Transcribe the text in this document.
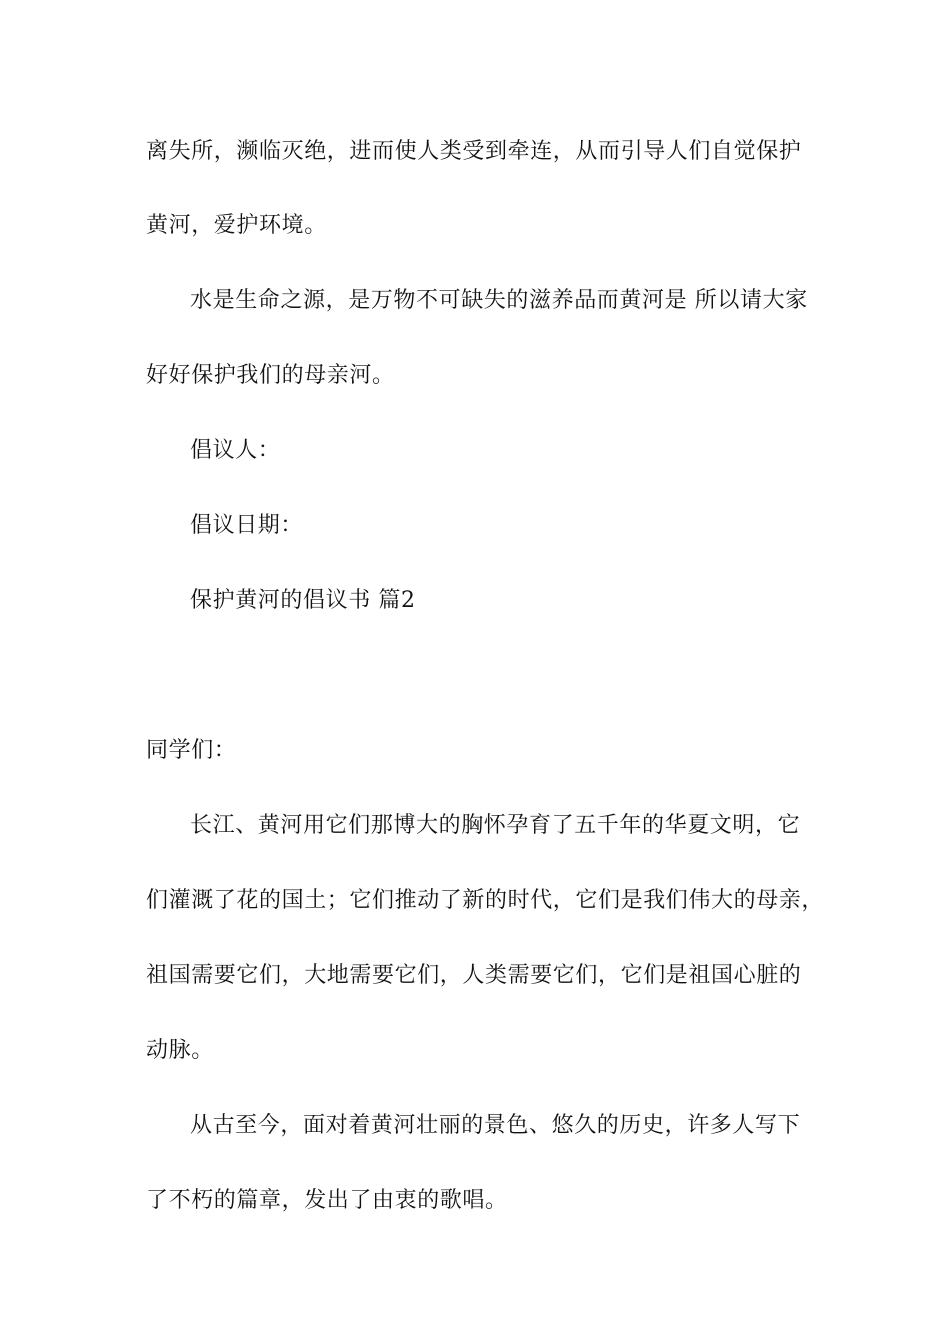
离失所，濒临灭绝，进而使人类受到牵连，从而引导人们自觉保护
黄河，爱护环境。
水是生命之源，是万物不可缺失的滋养品而黄河是 所以请大家
好好保护我们的母亲河。
倡议人：
倡议日期：
保护黄河的倡议书 篇2
同学们：
长江、黄河用它们那博大的胸怀孕育了五千年的华夏文明，它
们灌溉了花的国土；它们推动了新的时代，它们是我们伟大的母亲，
祖国需要它们，大地需要它们，人类需要它们，它们是祖国心脏的
动脉。
从古至今，面对着黄河壮丽的景色、悠久的历史，许多人写下
了不朽的篇章，发出了由衷的歌唱。
